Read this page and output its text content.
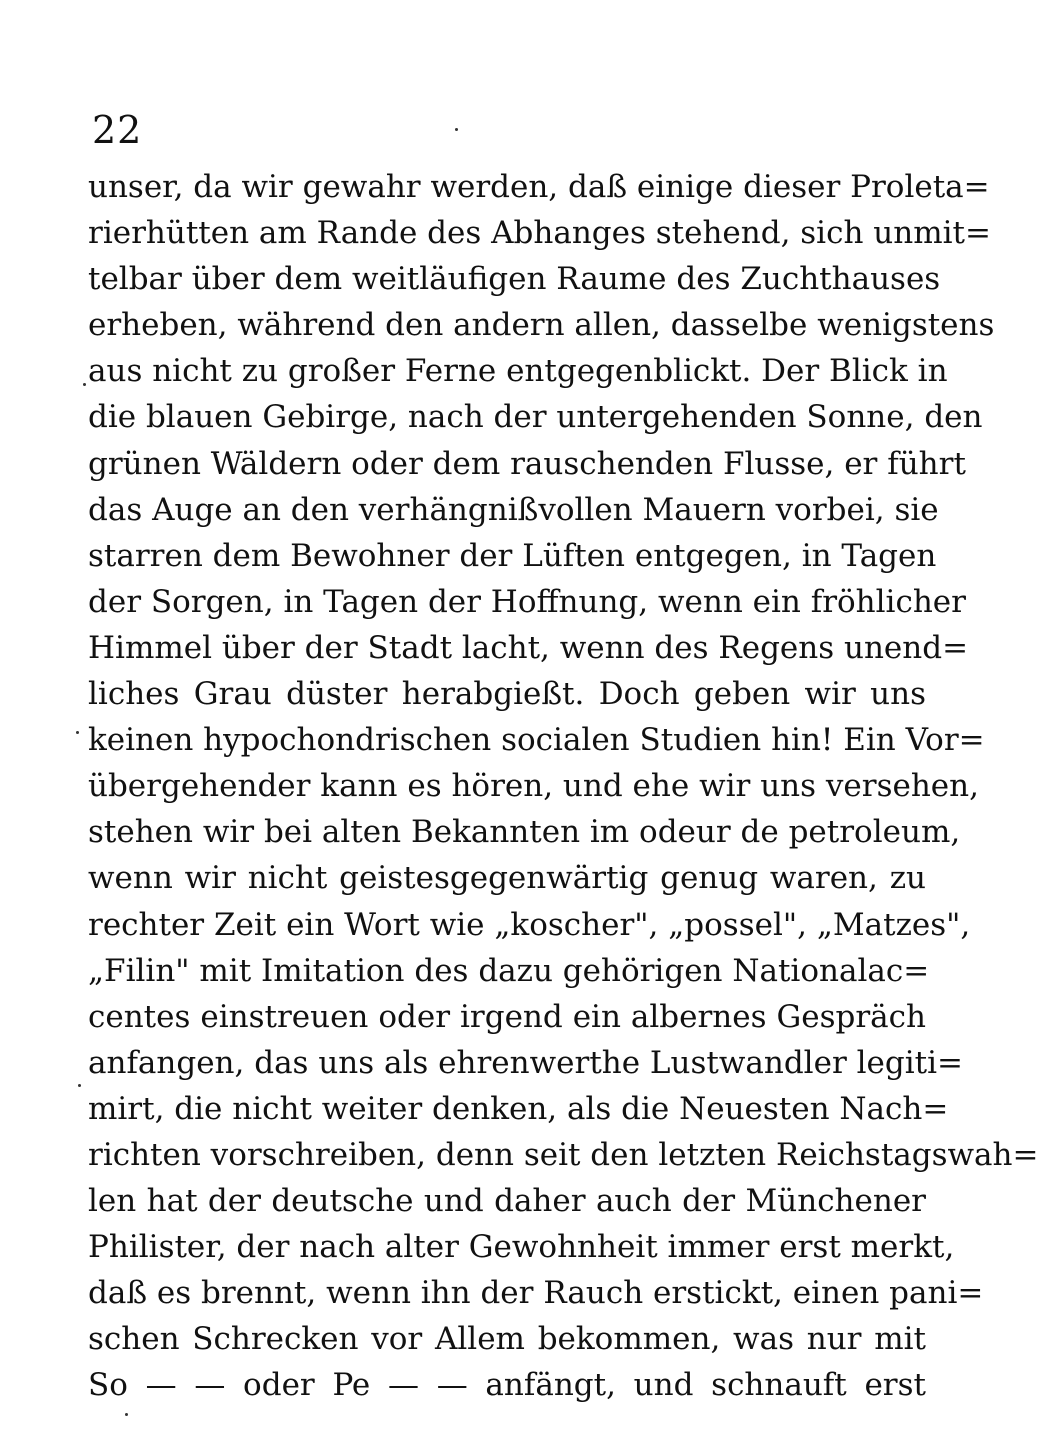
22
unser, da wir gewahr werden, daß einige dieser Proleta=
rierhütten am Rande des Abhanges stehend, sich unmit=
telbar über dem weitläufigen Raume des Zuchthauses
erheben, während den andern allen, dasselbe wenigstens
aus nicht zu großer Ferne entgegenblickt. Der Blick in
die blauen Gebirge, nach der untergehenden Sonne, den
grünen Wäldern oder dem rauschenden Flusse, er führt
das Auge an den verhängnißvollen Mauern vorbei, sie
starren dem Bewohner der Lüften entgegen, in Tagen
der Sorgen, in Tagen der Hoffnung, wenn ein fröhlicher
Himmel über der Stadt lacht, wenn des Regens unend=
liches Grau düster herabgießt. Doch geben wir uns
keinen hypochondrischen socialen Studien hin! Ein Vor=
übergehender kann es hören, und ehe wir uns versehen,
stehen wir bei alten Bekannten im odeur de petroleum,
wenn wir nicht geistesgegenwärtig genug waren, zu
rechter Zeit ein Wort wie „koscher", „possel", „Matzes",
„Filin" mit Imitation des dazu gehörigen Nationalac=
centes einstreuen oder irgend ein albernes Gespräch
anfangen, das uns als ehrenwerthe Lustwandler legiti=
mirt, die nicht weiter denken, als die Neuesten Nach=
richten vorschreiben, denn seit den letzten Reichstagswah=
len hat der deutsche und daher auch der Münchener
Philister, der nach alter Gewohnheit immer erst merkt,
daß es brennt, wenn ihn der Rauch erstickt, einen pani=
schen Schrecken vor Allem bekommen, was nur mit
So — — oder Pe — — anfängt, und schnauft erst
